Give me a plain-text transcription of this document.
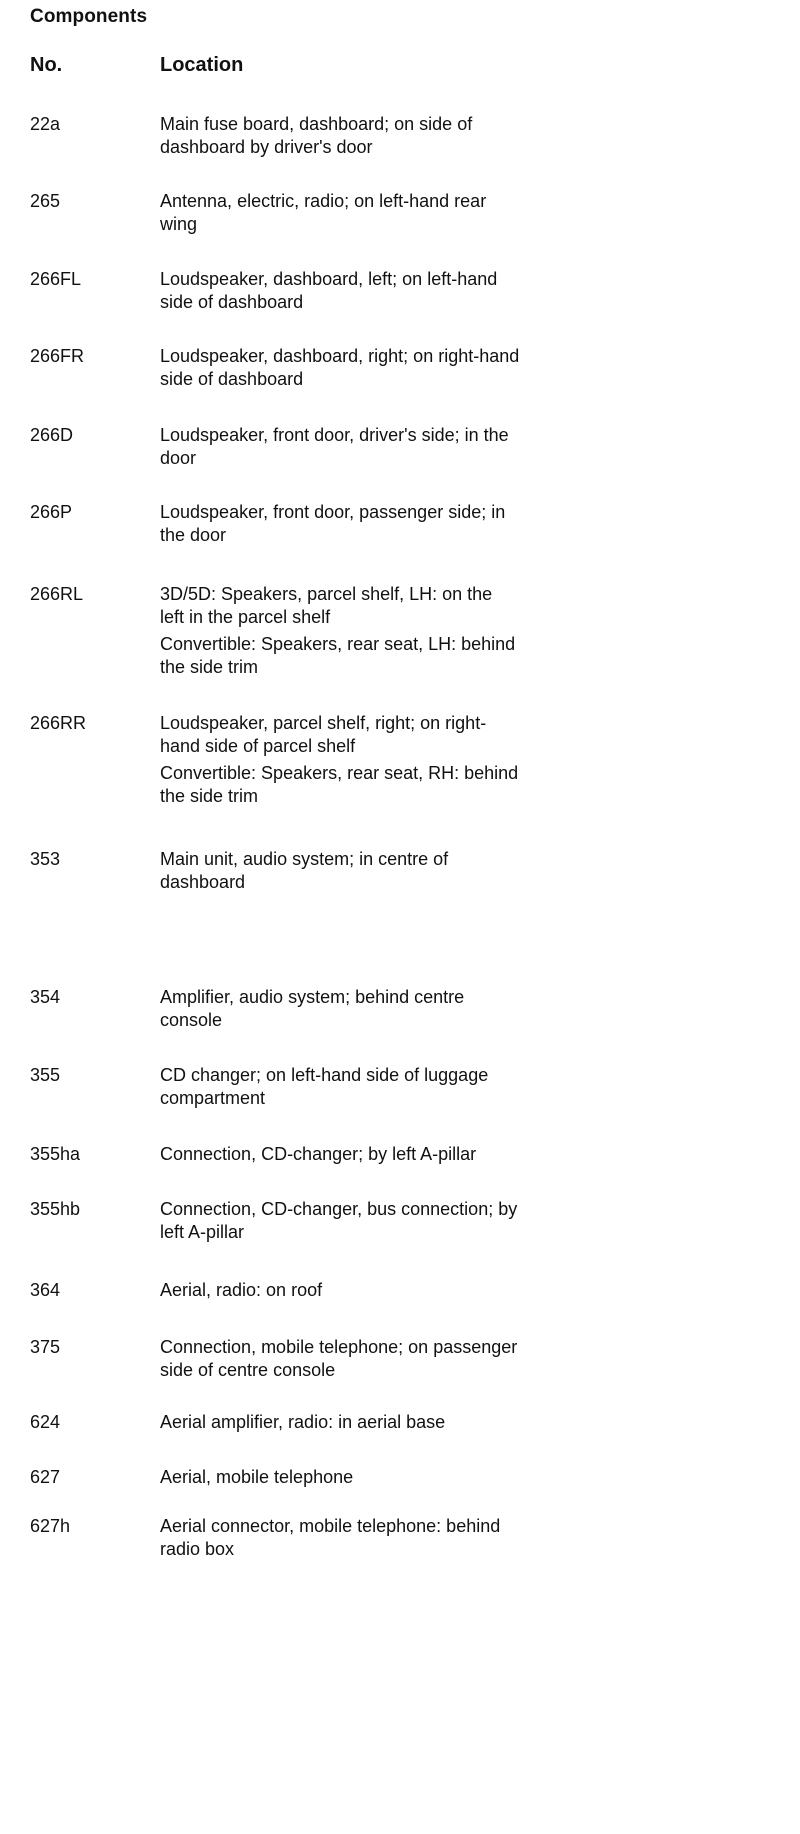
Components
No.	Location
22a	Main fuse board, dashboard; on side of
dashboard by driver's door
265	Antenna, electric, radio; on left-hand rear
wing
266FL	Loudspeaker, dashboard, left; on left-hand
side of dashboard
266FR	Loudspeaker, dashboard, right; on right-hand
side of dashboard
266D	Loudspeaker, front door, driver's side; in the
door
266P	Loudspeaker, front door, passenger side; in
the door
266RL	3D/5D: Speakers, parcel shelf, LH: on the
left in the parcel shelf
Convertible: Speakers, rear seat, LH: behind
the side trim
266RR	Loudspeaker, parcel shelf, right; on right-
hand side of parcel shelf
Convertible: Speakers, rear seat, RH: behind
the side trim
353	Main unit, audio system; in centre of
dashboard
354	Amplifier, audio system; behind centre
console
355	CD changer; on left-hand side of luggage
compartment
355ha	Connection, CD-changer; by left A-pillar
355hb	Connection, CD-changer, bus connection; by
left A-pillar
364	Aerial, radio: on roof
375	Connection, mobile telephone; on passenger
side of centre console
624	Aerial amplifier, radio: in aerial base
627	Aerial, mobile telephone
627h	Aerial connector, mobile telephone: behind
radio box
